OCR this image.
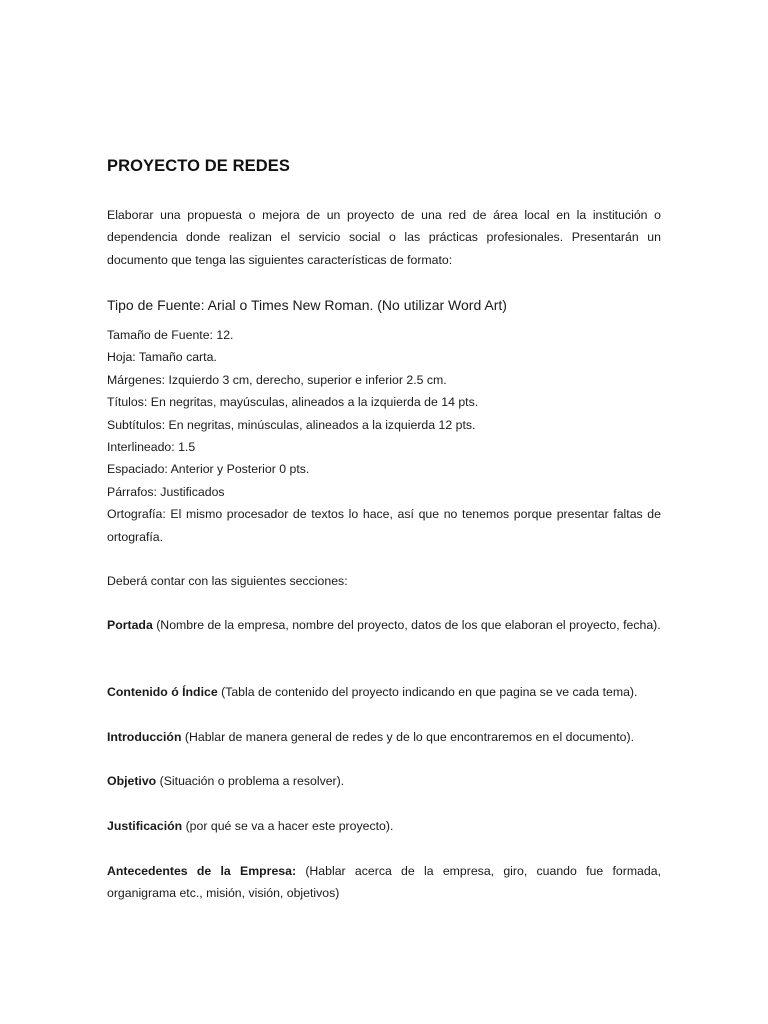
PROYECTO DE REDES

Elaborar una propuesta o mejora de un proyecto de una red de área local en la institución o dependencia donde realizan el servicio social o las prácticas profesionales. Presentarán un documento que tenga las siguientes características de formato:

Tipo de Fuente: Arial o Times New Roman. (No utilizar Word Art)

Tamaño de Fuente: 12.
Hoja: Tamaño carta.
Márgenes: Izquierdo 3 cm, derecho, superior e inferior 2.5 cm.
Títulos: En negritas, mayúsculas, alineados a la izquierda de 14 pts.
Subtítulos: En negritas, minúsculas, alineados a la izquierda 12 pts.
Interlineado: 1.5
Espaciado: Anterior y Posterior 0 pts.
Párrafos: Justificados
Ortografía: El mismo procesador de textos lo hace, así que no tenemos porque presentar faltas de ortografía.

Deberá contar con las siguientes secciones:

Portada (Nombre de la empresa, nombre del proyecto, datos de los que elaboran el proyecto, fecha).

Contenido ó Índice (Tabla de contenido del proyecto indicando en que pagina se ve cada tema).

Introducción (Hablar de manera general de redes y de lo que encontraremos en el documento).

Objetivo (Situación o problema a resolver).

Justificación (por qué se va a hacer este proyecto).

Antecedentes de la Empresa: (Hablar acerca de la empresa, giro, cuando fue formada, organigrama etc., misión, visión, objetivos)
